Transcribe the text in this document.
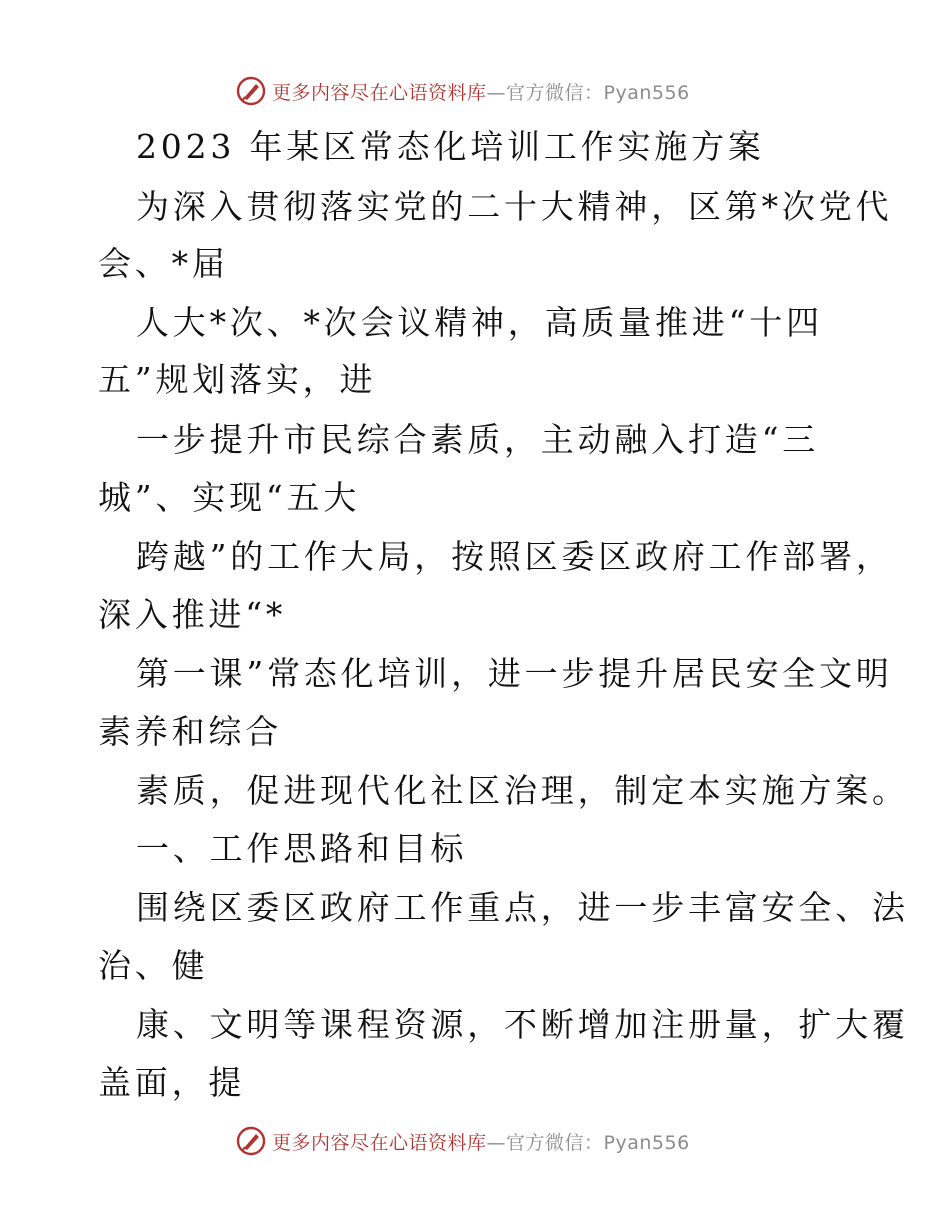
更多内容尽在心语资料库—官方微信：Pyan556
2023 年某区常态化培训工作实施方案
为深入贯彻落实党的二十大精神，区第*次党代
会、*届
人大*次、*次会议精神，高质量推进“十四
五”规划落实，进
一步提升市民综合素质，主动融入打造“三
城”、实现“五大
跨越”的工作大局，按照区委区政府工作部署，
深入推进“*
第一课”常态化培训，进一步提升居民安全文明
素养和综合
素质，促进现代化社区治理，制定本实施方案。
一、工作思路和目标
围绕区委区政府工作重点，进一步丰富安全、法
治、健
康、文明等课程资源，不断增加注册量，扩大覆
盖面，提
更多内容尽在心语资料库—官方微信：Pyan556
